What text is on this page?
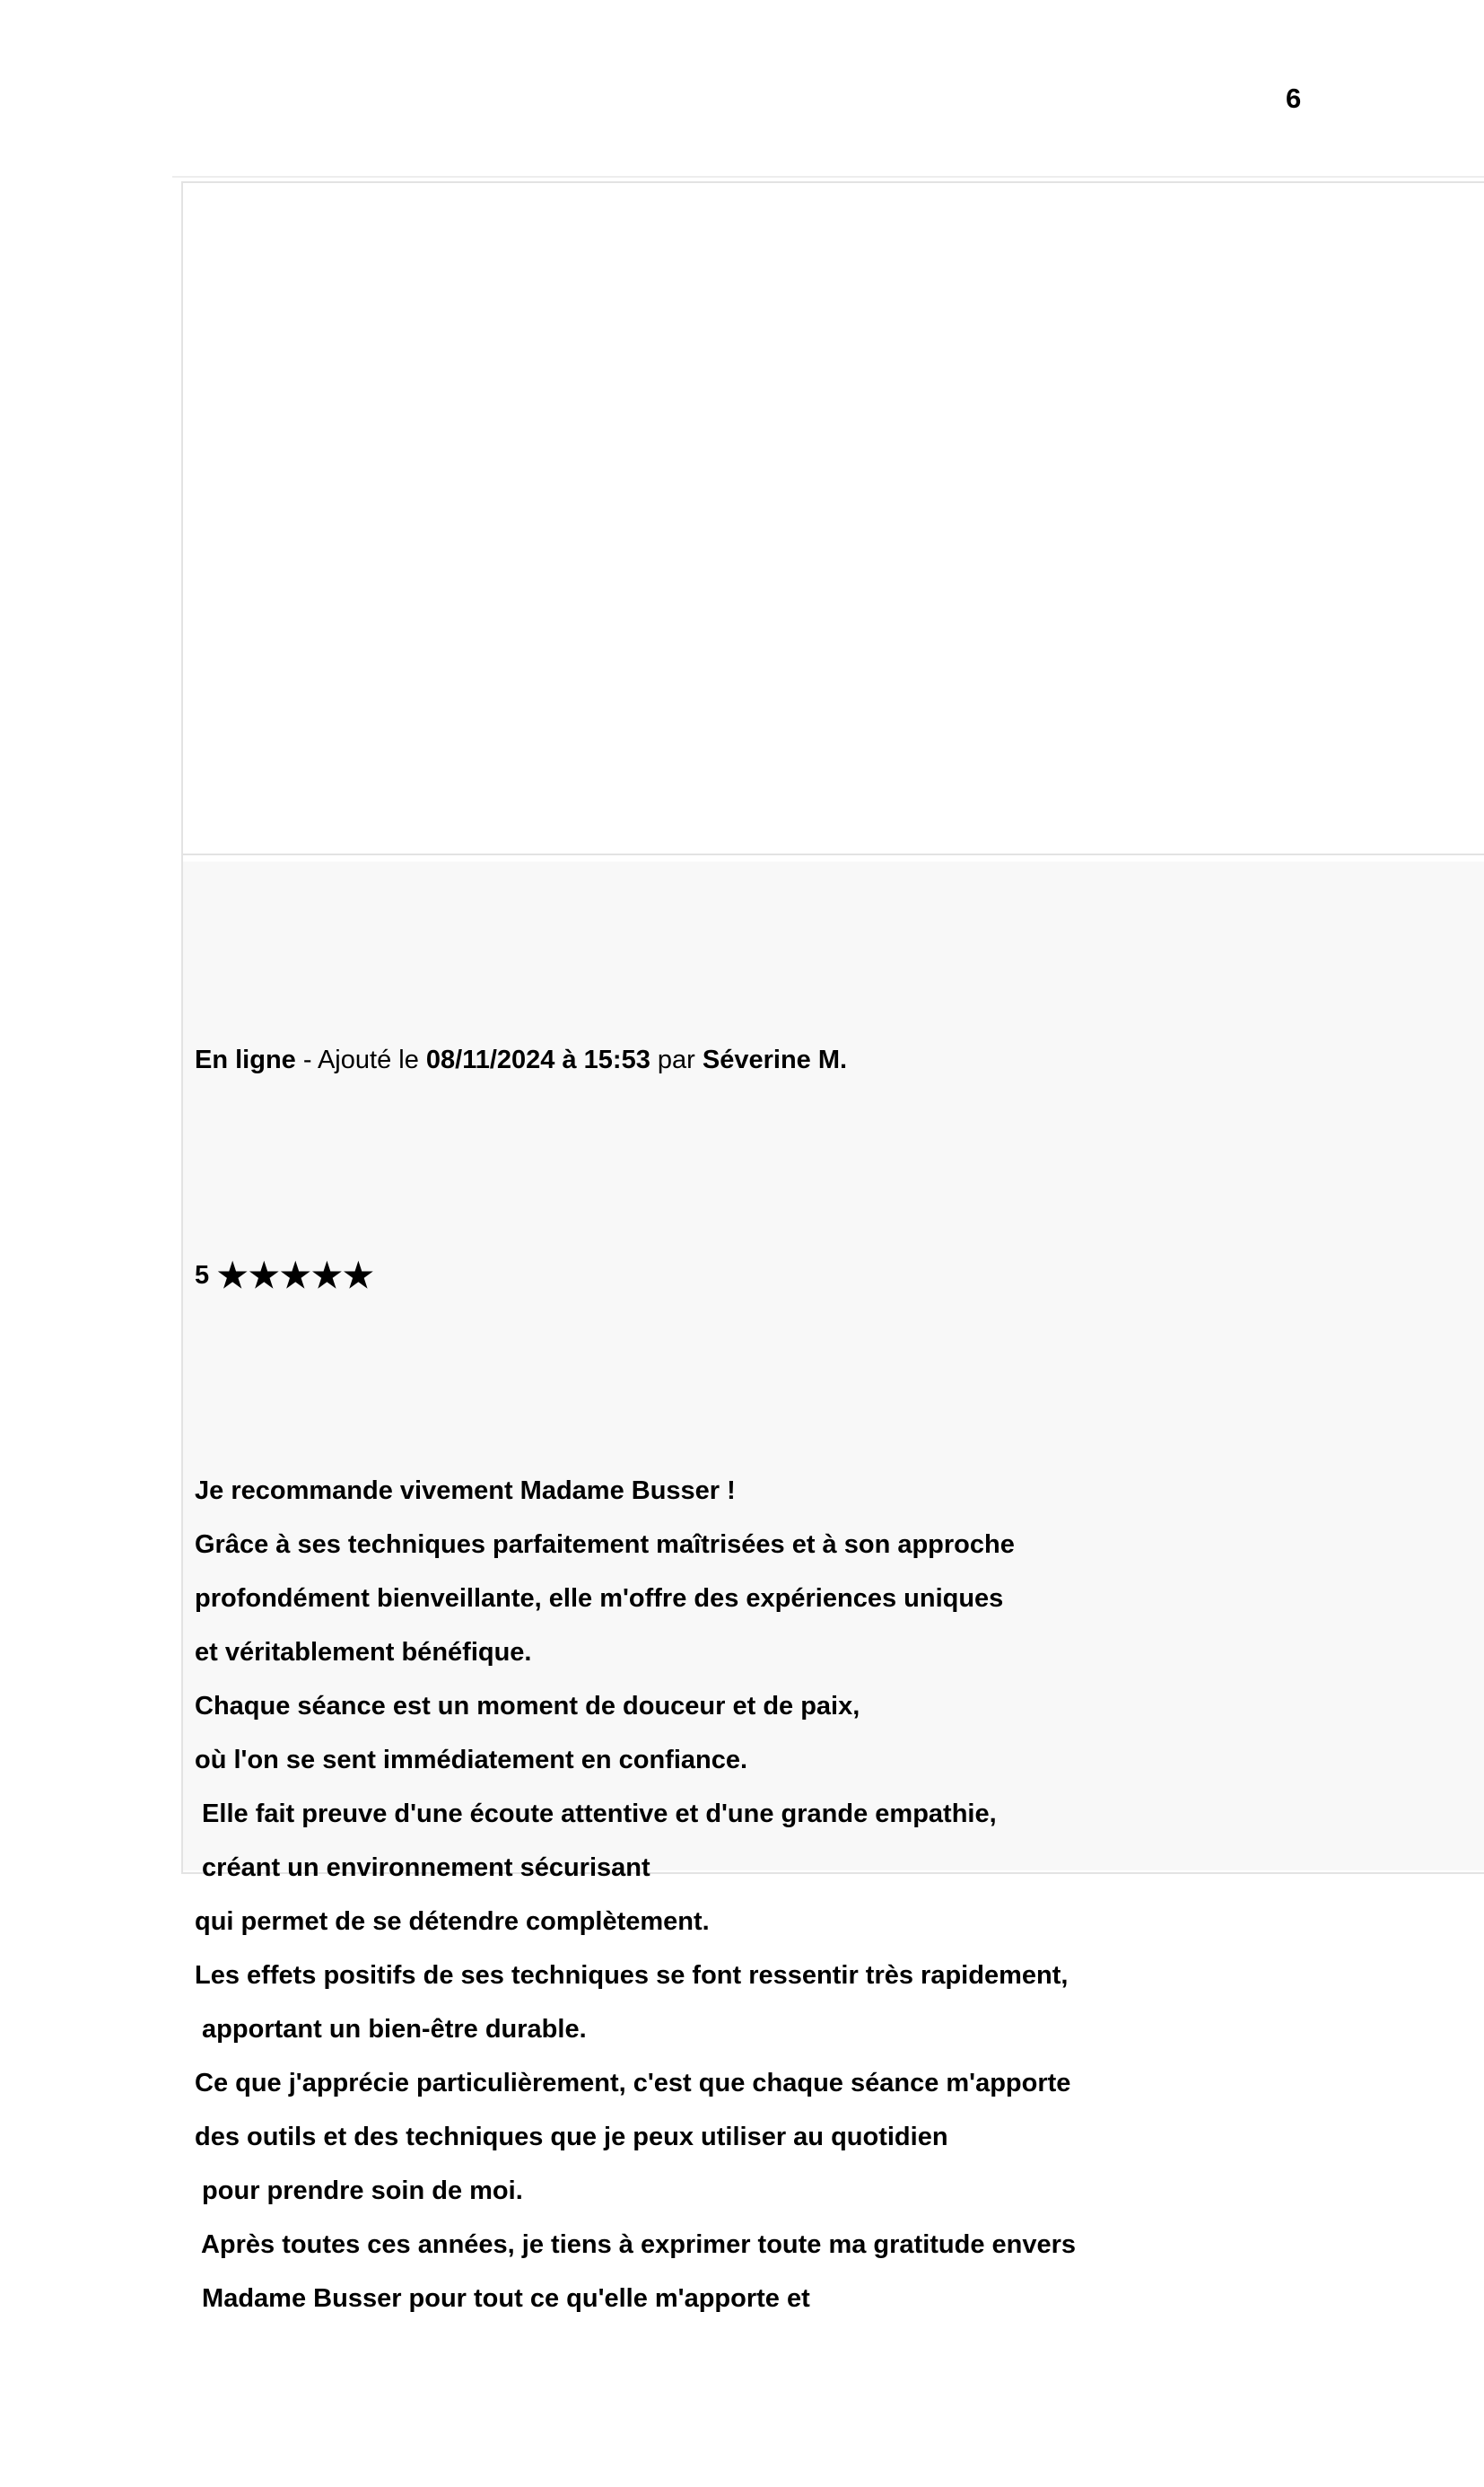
6

En ligne - Ajouté le 08/11/2024 à 15:53 par Séverine M.

5 ★★★★★

Je recommande vivement Madame Busser !
Grâce à ses techniques parfaitement maîtrisées et à son approche
profondément bienveillante, elle m'offre des expériences uniques
et véritablement bénéfique.
Chaque séance est un moment de douceur et de paix,
où l'on se sent immédiatement en confiance.
Elle fait preuve d'une écoute attentive et d'une grande empathie,
créant un environnement sécurisant
qui permet de se détendre complètement.
Les effets positifs de ses techniques se font ressentir très rapidement,
apportant un bien-être durable.
Ce que j'apprécie particulièrement, c'est que chaque séance m'apporte
des outils et des techniques que je peux utiliser au quotidien
pour prendre soin de moi.
Après toutes ces années, je tiens à exprimer toute ma gratitude envers
Madame Busser pour tout ce qu'elle m'apporte et
